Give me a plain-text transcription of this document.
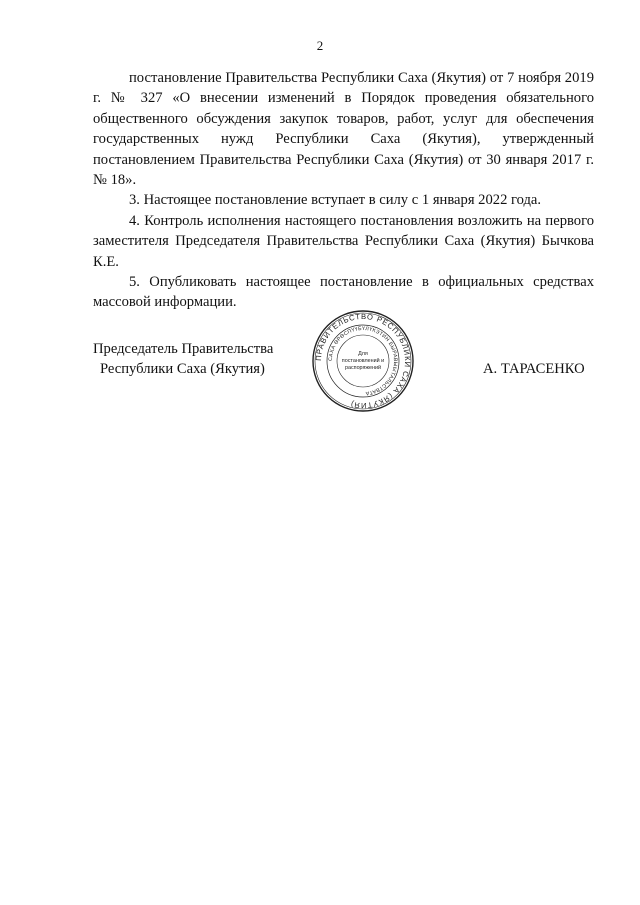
2

постановление Правительства Республики Саха (Якутия) от 7 ноября 2019 г. № 327 «О внесении изменений в Порядок проведения обязательного общественного обсуждения закупок товаров, работ, услуг для обеспечения государственных нужд Республики Саха (Якутия), утвержденный постановлением Правительства Республики Саха (Якутия) от 30 января 2017 г. № 18».

3. Настоящее постановление вступает в силу с 1 января 2022 года.

4. Контроль исполнения настоящего постановления возложить на первого заместителя Председателя Правительства Республики Саха (Якутия) Бычкова К.Е.

5. Опубликовать настоящее постановление в официальных средствах массовой информации.

Председатель Правительства
Республики Саха (Якутия)
ПРАВИТЕЛЬСТВО РЕСПУБЛИКИ САХА (ЯКУТИЯ)
САХА ӨРӨСПҮҮБҮЛҮКЭТИН БЫРАВЫЫТАЛЬСТВАТА
Для
постановлений и
распоряжений	А. ТАРАСЕНКО
